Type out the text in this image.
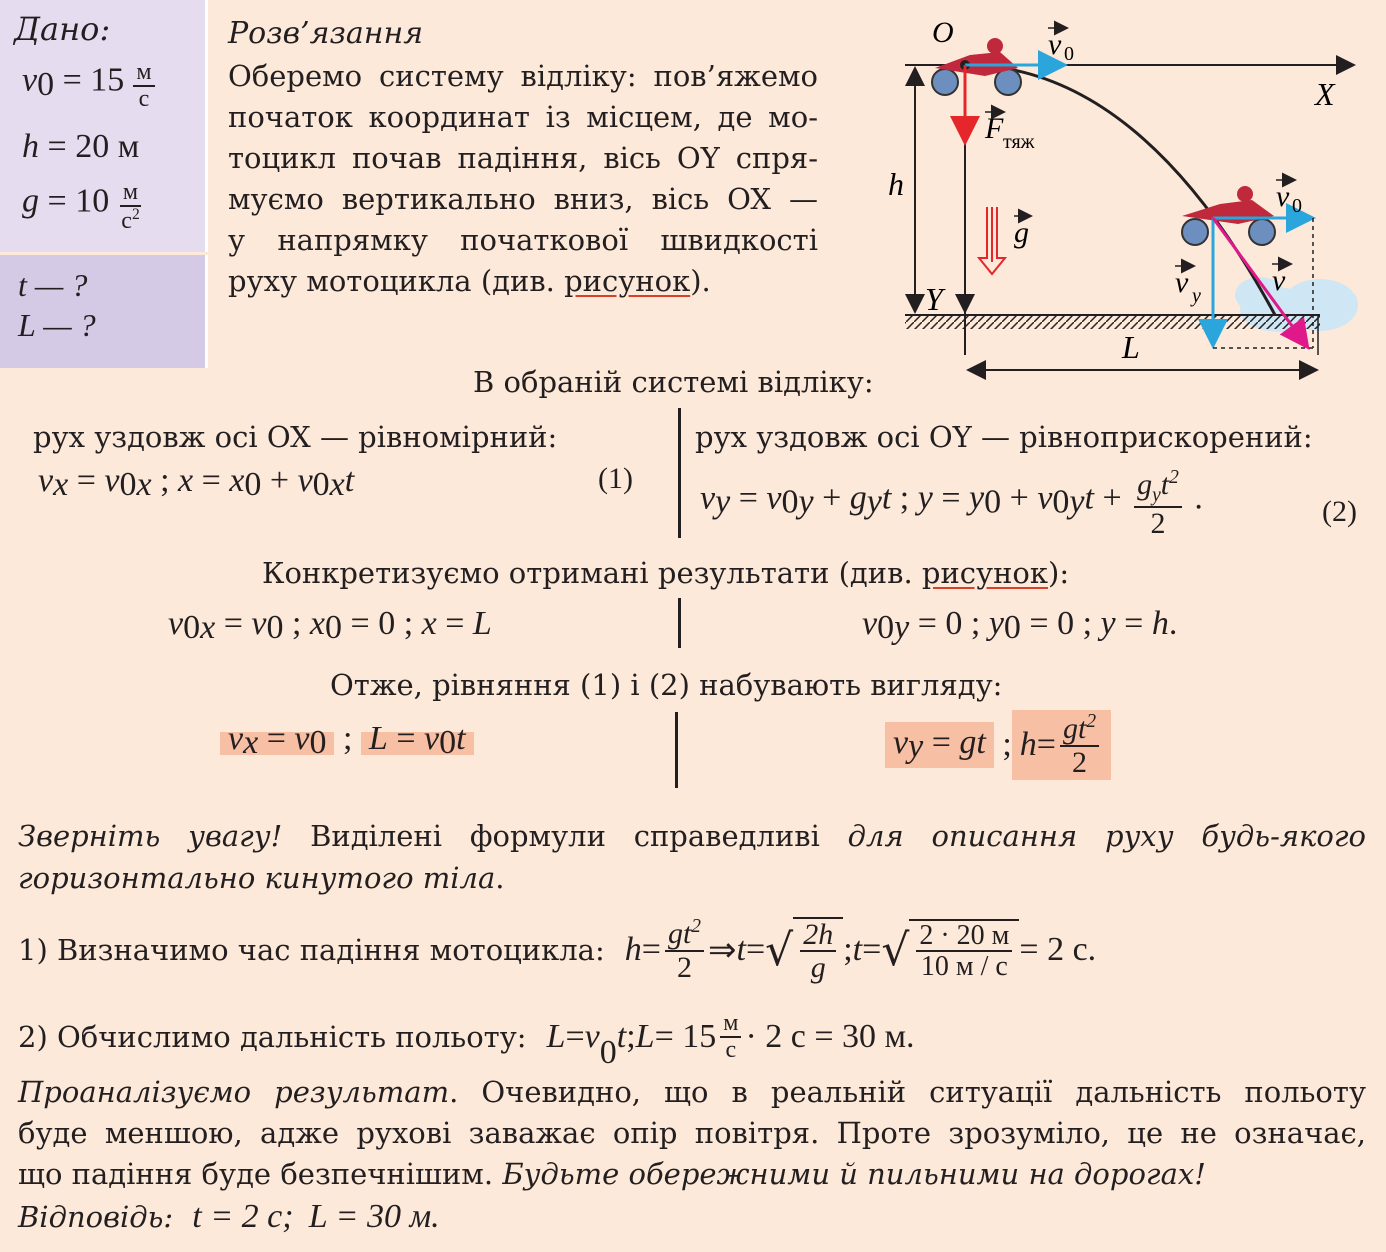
Дано:
$v_0 = 15 \frac{м}{с}$
h = 20 м
$g = 10 \frac{м}{с^2}$
t — ?
L — ?
Розв’язання
Оберемо систему відліку: пов’яжемо
початок координат із місцем, де мо-
тоцикл почав падіння, вісь OY спря-
муємо вертикально вниз, вісь OX —
у напрямку початкової швидкості
руху мотоцикла (див. рисунок).
O
X
Y
h
L
v 0
F тяж
g
v 0
v y v
В обраній системі відліку:
рух уздовж осі OX — рівномірний:
$v_x = v_{0x}$ ; $x = x_0 + v_{0x}t$	(1)
рух уздовж осі OY — рівноприскорений:
$v_y = v_{0y} + g_yt$ ; $y = y_0 + v_{0y}t + \frac{g_yt^2}{2}$ .	(2)
Конкретизуємо отримані результати (див. рисунок):
$v_{0x} = v_0$ ; $x_0 = 0$ ; x = L	$v_{0y} = 0$ ; $y_0 = 0$ ; y = h.
Отже, рівняння (1) і (2) набувають вигляду:
$v_x = v_0$ ; $L = v_0t$	$v_y$ = gt ; $h = \frac{gt^2}{2}$
Зверніть увагу! Виділені формули справедливі для описання руху будь-якого
горизонтально кинутого тіла.
1) Визначимо час падіння мотоцикла: $h = \frac{gt^2}{2}$ ⇒ t = √ $\frac{2h}{g}$ ; t = √ $\frac{2 \cdot 20 м}{10 м / с} = 2$ с.
2) Обчислимо дальність польоту: L = v 0 t ; $L = 15 \frac{м}{с} \cdot 2$ с = 30 м.
Проаналізуємо результат. Очевидно, що в реальній ситуації дальність польоту
буде меншою, адже руховi заважає опір повітря. Проте зрозуміло, це не означає,
що падіння буде безпечнішим. Будьте обережними й пильними на дорогах!
Відповідь: t = 2 с; L = 30 м.
